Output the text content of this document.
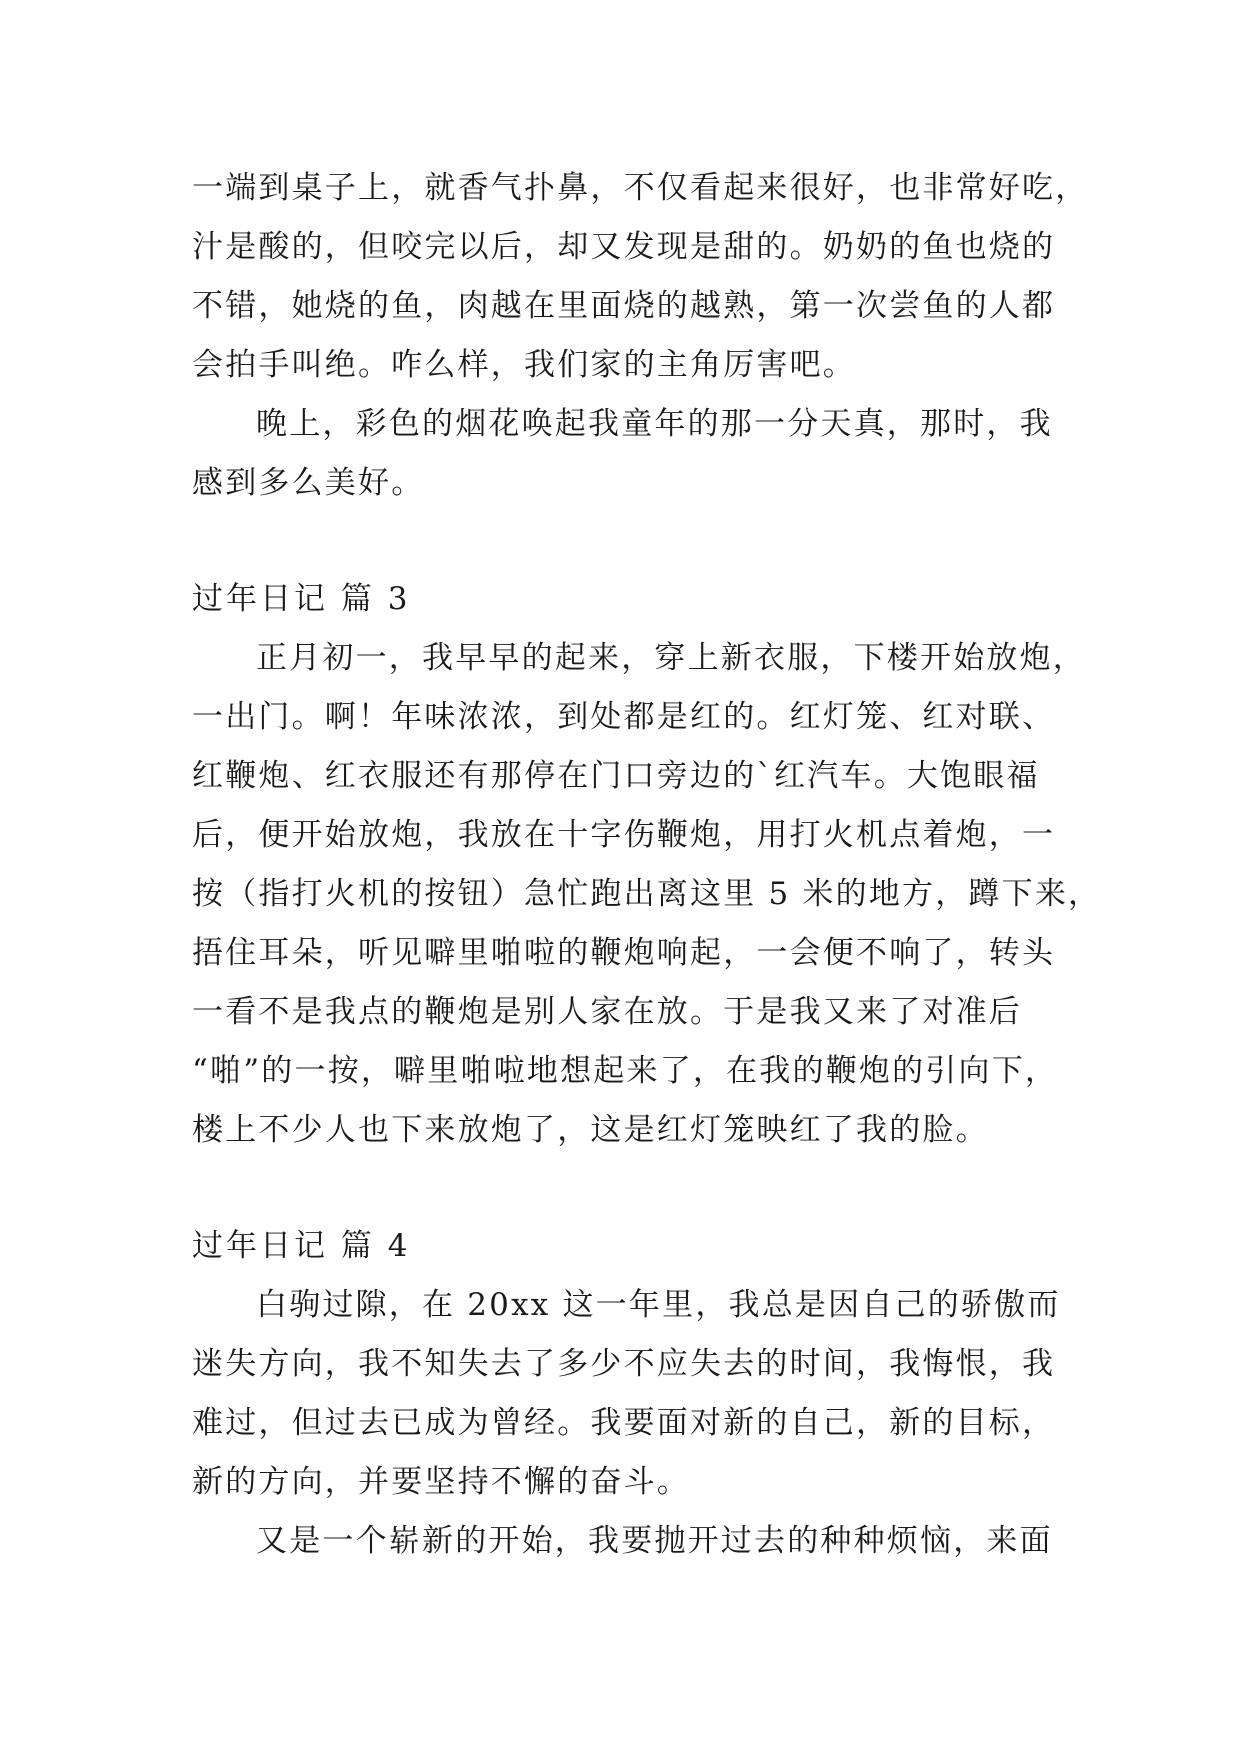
一端到桌子上，就香气扑鼻，不仅看起来很好，也非常好吃，
汁是酸的，但咬完以后，却又发现是甜的。奶奶的鱼也烧的
不错，她烧的鱼，肉越在里面烧的越熟，第一次尝鱼的人都
会拍手叫绝。咋么样，我们家的主角厉害吧。
晚上，彩色的烟花唤起我童年的那一分天真，那时，我
感到多么美好。
过年日记 篇 3
正月初一，我早早的起来，穿上新衣服，下楼开始放炮，
一出门。啊！年味浓浓，到处都是红的。红灯笼、红对联、
红鞭炮、红衣服还有那停在门口旁边的`红汽车。大饱眼福
后，便开始放炮，我放在十字伤鞭炮，用打火机点着炮，一
按（指打火机的按钮）急忙跑出离这里 5 米的地方，蹲下来，
捂住耳朵，听见噼里啪啦的鞭炮响起，一会便不响了，转头
一看不是我点的鞭炮是别人家在放。于是我又来了对准后
“啪”的一按，噼里啪啦地想起来了，在我的鞭炮的引向下，
楼上不少人也下来放炮了，这是红灯笼映红了我的脸。
过年日记 篇 4
白驹过隙，在 20xx 这一年里，我总是因自己的骄傲而
迷失方向，我不知失去了多少不应失去的时间，我悔恨，我
难过，但过去已成为曾经。我要面对新的自己，新的目标，
新的方向，并要坚持不懈的奋斗。
又是一个崭新的开始，我要抛开过去的种种烦恼，来面
